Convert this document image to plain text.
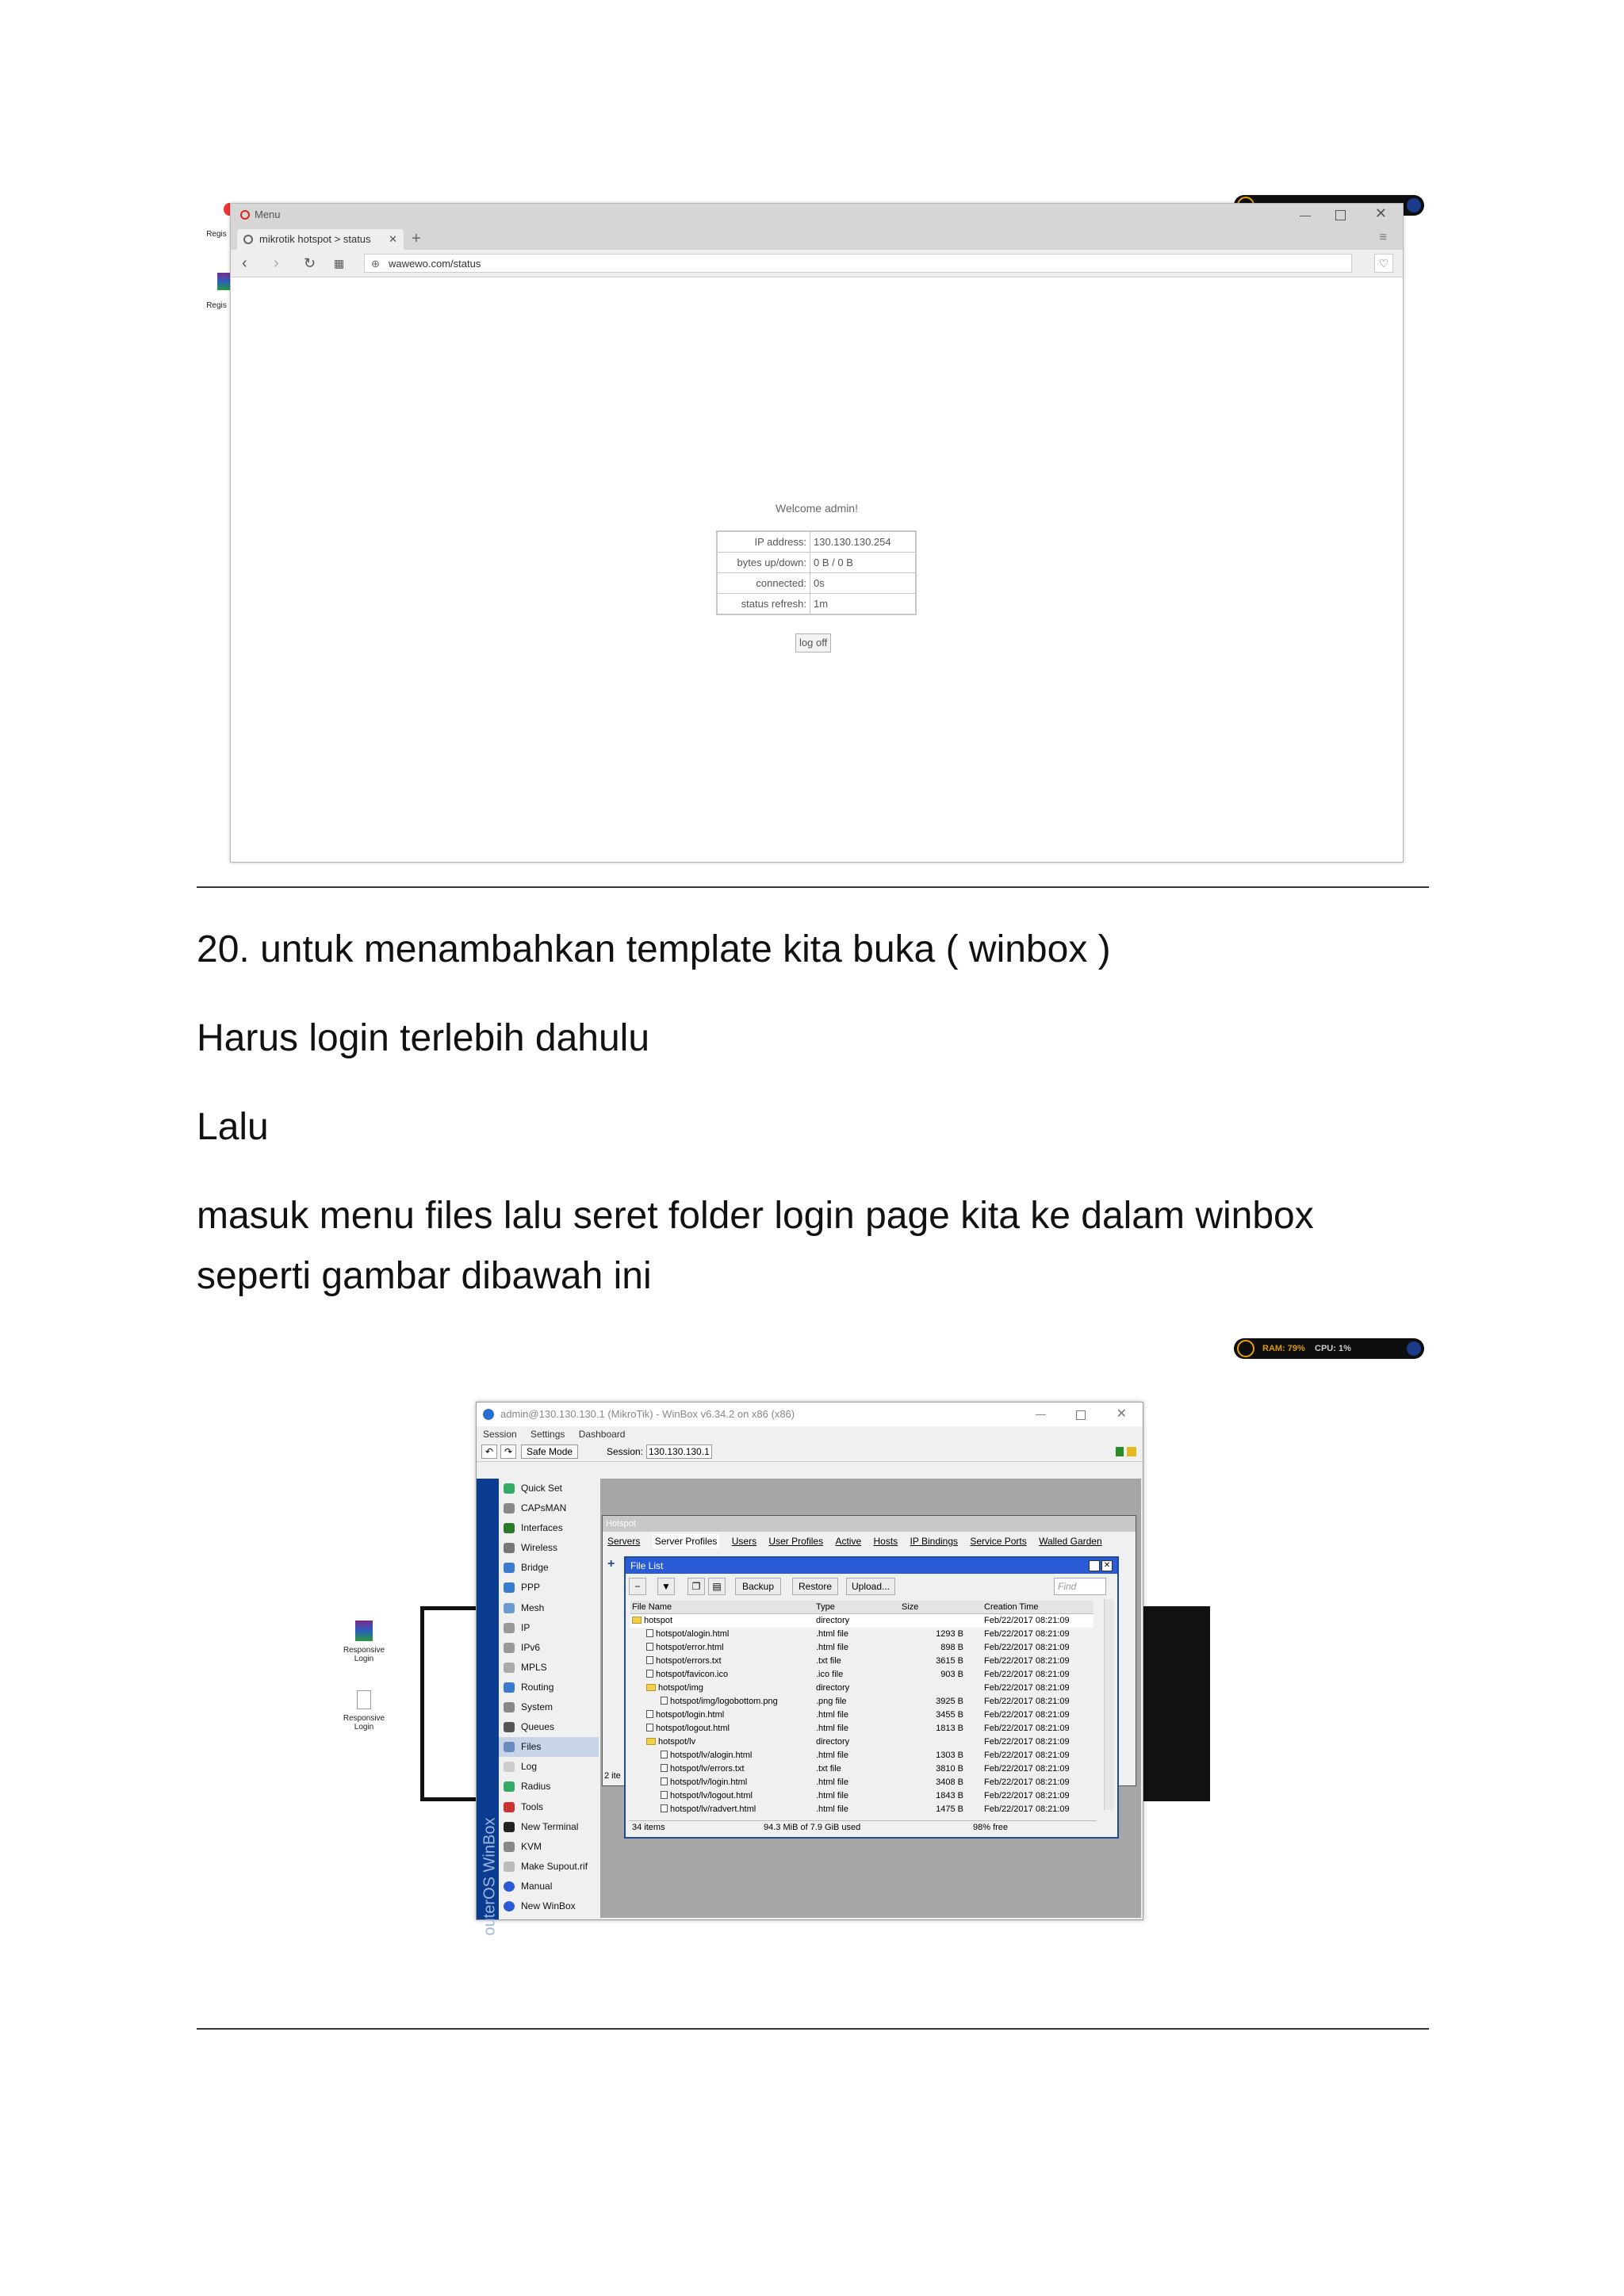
Regis
Regis
Menu	—	✕
mikrotik hotspot > status ✕ +	≡
‹ › ↻ ▦	⊕ wawewo.com/status	♡
Welcome admin!
IP address:	130.130.130.254
bytes up/down:	0 B / 0 B
connected:	0s
status refresh:	1m
log off
20. untuk menambahkan template kita buka ( winbox )
Harus login terlebih dahulu
Lalu
masuk menu files lalu seret folder login page kita ke dalam winbox seperti gambar dibawah ini
RAM: 79% CPU: 1%
Responsive Login
Responsive Login
admin@130.130.130.1 (MikroTik) - WinBox v6.34.2 on x86 (x86)	—	✕
Session Settings Dashboard
↶	↷	Safe Mode	Session: 130.130.130.1
outerOS WinBox
Quick Set
CAPsMAN
Interfaces
Wireless
Bridge
PPP
Mesh
IP
IPv6
MPLS
Routing
System
Queues
Files
Log
Radius
Tools
New Terminal
KVM
Make Supout.rif
Manual
New WinBox
Hotspot
Servers Server Profiles Users User Profiles Active Hosts IP Bindings Service Ports Walled Garden
+
2 ite
File List	✕
−	▼	❐	▤	Backup	Restore	Upload...	Find
File Name	Type	Size	Creation Time
hotspot	directory	Feb/22/2017 08:21:09
hotspot/alogin.html	.html file	1293 B Feb/22/2017 08:21:09
hotspot/error.html	.html file	898 B Feb/22/2017 08:21:09
hotspot/errors.txt	.txt file	3615 B Feb/22/2017 08:21:09
hotspot/favicon.ico	.ico file	903 B Feb/22/2017 08:21:09
hotspot/img	directory	Feb/22/2017 08:21:09
hotspot/img/logobottom.png	.png file	3925 B Feb/22/2017 08:21:09
hotspot/login.html	.html file	3455 B Feb/22/2017 08:21:09
hotspot/logout.html	.html file	1813 B Feb/22/2017 08:21:09
hotspot/lv	directory	Feb/22/2017 08:21:09
hotspot/lv/alogin.html	.html file	1303 B Feb/22/2017 08:21:09
hotspot/lv/errors.txt	.txt file	3810 B Feb/22/2017 08:21:09
hotspot/lv/login.html	.html file	3408 B Feb/22/2017 08:21:09
hotspot/lv/logout.html	.html file	1843 B Feb/22/2017 08:21:09
hotspot/lv/radvert.html	.html file	1475 B Feb/22/2017 08:21:09
34 items	94.3 MiB of 7.9 GiB used	98% free
